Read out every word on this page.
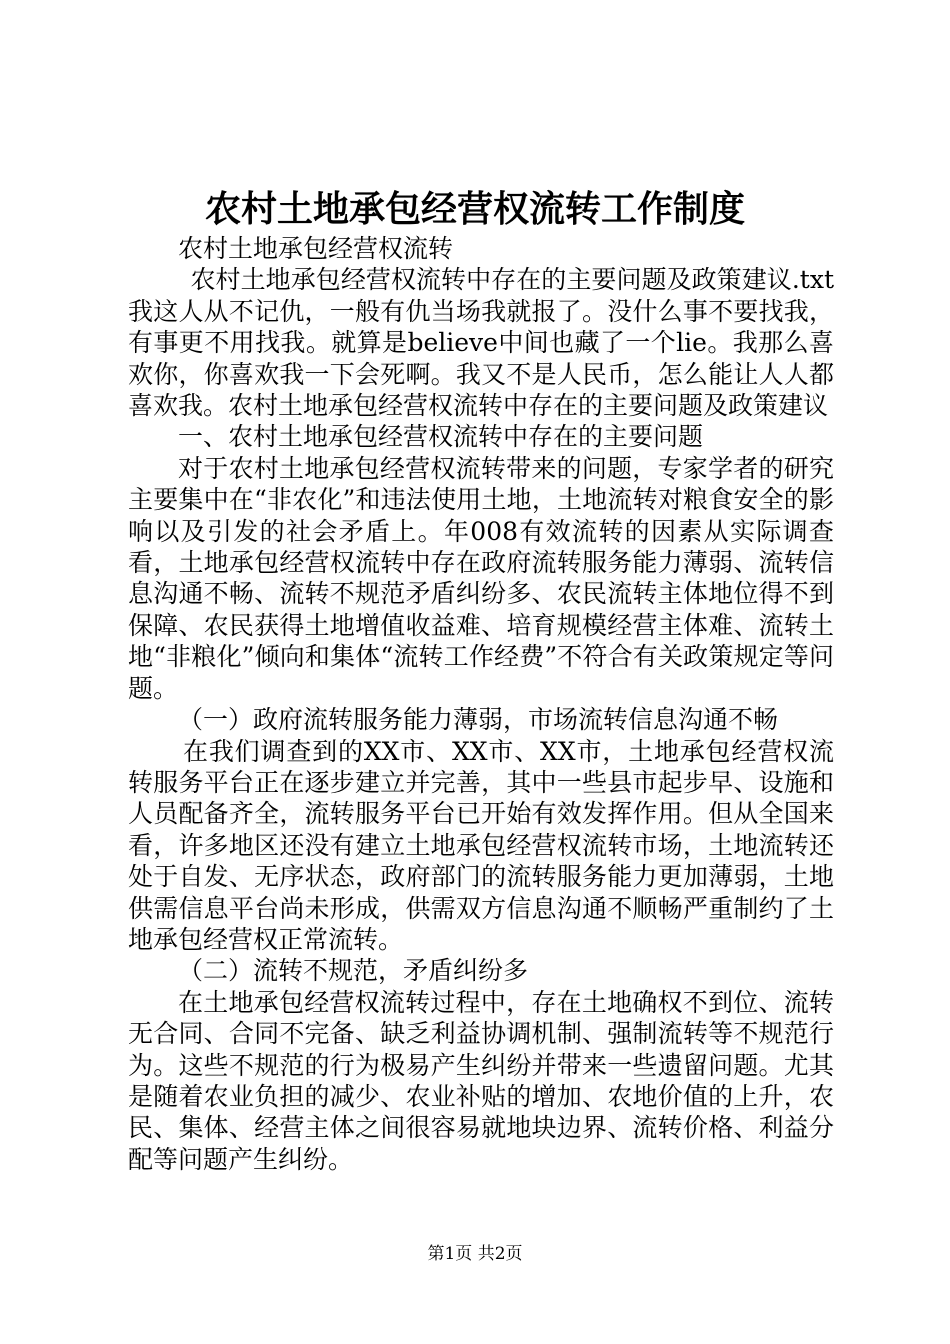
农村土地承包经营权流转工作制度

农村土地承包经营权流转

农村土地承包经营权流转中存在的主要问题及政策建议.txt我这人从不记仇，一般有仇当场我就报了。没什么事不要找我，有事更不用找我。就算是believe中间也藏了一个lie。我那么喜欢你，你喜欢我一下会死啊。我又不是人民币，怎么能让人人都喜欢我。农村土地承包经营权流转中存在的主要问题及政策建议

一、农村土地承包经营权流转中存在的主要问题

对于农村土地承包经营权流转带来的问题，专家学者的研究主要集中在“非农化”和违法使用土地，土地流转对粮食安全的影响以及引发的社会矛盾上。年008有效流转的因素从实际调查看，土地承包经营权流转中存在政府流转服务能力薄弱、流转信息沟通不畅、流转不规范矛盾纠纷多、农民流转主体地位得不到保障、农民获得土地增值收益难、培育规模经营主体难、流转土地“非粮化”倾向和集体“流转工作经费”不符合有关政策规定等问题。

（一）政府流转服务能力薄弱，市场流转信息沟通不畅

在我们调查到的XX市、XX市、XX市，土地承包经营权流转服务平台正在逐步建立并完善，其中一些县市起步早、设施和人员配备齐全，流转服务平台已开始有效发挥作用。但从全国来看，许多地区还没有建立土地承包经营权流转市场，土地流转还处于自发、无序状态，政府部门的流转服务能力更加薄弱，土地供需信息平台尚未形成，供需双方信息沟通不顺畅严重制约了土地承包经营权正常流转。

（二）流转不规范，矛盾纠纷多

在土地承包经营权流转过程中，存在土地确权不到位、流转无合同、合同不完备、缺乏利益协调机制、强制流转等不规范行为。这些不规范的行为极易产生纠纷并带来一些遗留问题。尤其是随着农业负担的减少、农业补贴的增加、农地价值的上升，农民、集体、经营主体之间很容易就地块边界、流转价格、利益分配等问题产生纠纷。

第1页 共2页
